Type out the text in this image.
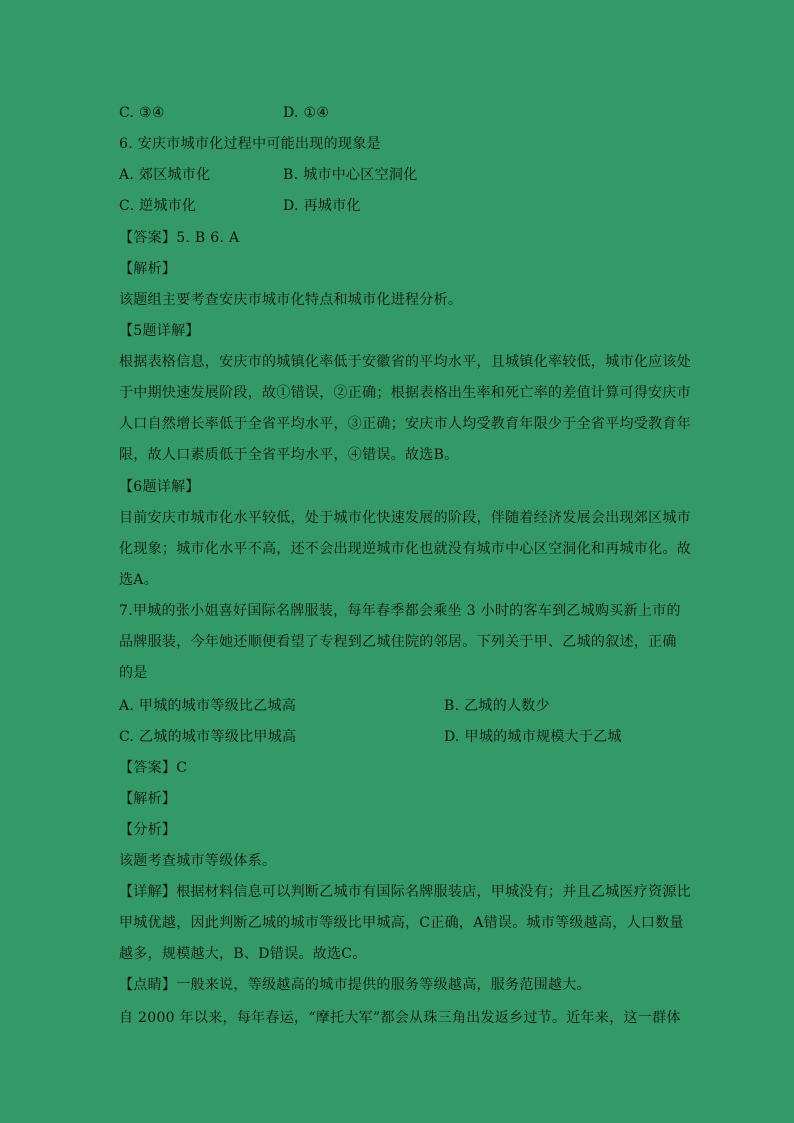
C. ③④	D. ①④
6. 安庆市城市化过程中可能出现的现象是
A. 郊区城市化	B. 城市中心区空洞化
C. 逆城市化	D. 再城市化
【答案】5. B 6. A
【解析】
该题组主要考查安庆市城市化特点和城市化进程分析。
【5题详解】
根据表格信息，安庆市的城镇化率低于安徽省的平均水平，且城镇化率较低，城市化应该处
于中期快速发展阶段，故①错误，②正确；根据表格出生率和死亡率的差值计算可得安庆市
人口自然增长率低于全省平均水平，③正确；安庆市人均受教育年限少于全省平均受教育年
限，故人口素质低于全省平均水平，④错误。故选B。
【6题详解】
目前安庆市城市化水平较低，处于城市化快速发展的阶段，伴随着经济发展会出现郊区城市
化现象；城市化水平不高，还不会出现逆城市化也就没有城市中心区空洞化和再城市化。故
选A。
7.甲城的张小姐喜好国际名牌服装，每年春季都会乘坐 3 小时的客车到乙城购买新上市的
品牌服装，今年她还顺便看望了专程到乙城住院的邻居。下列关于甲、乙城的叙述，正确
的是
A. 甲城的城市等级比乙城高	B. 乙城的人数少
C. 乙城的城市等级比甲城高	D. 甲城的城市规模大于乙城
【答案】C
【解析】
【分析】
该题考查城市等级体系。
【详解】根据材料信息可以判断乙城市有国际名牌服装店，甲城没有；并且乙城医疗资源比
甲城优越，因此判断乙城的城市等级比甲城高，C正确，A错误。城市等级越高，人口数量
越多，规模越大，B、D错误。故选C。
【点睛】一般来说，等级越高的城市提供的服务等级越高，服务范围越大。
自 2000 年以来，每年春运，“摩托大军”都会从珠三角出发返乡过节。近年来，这一群体
